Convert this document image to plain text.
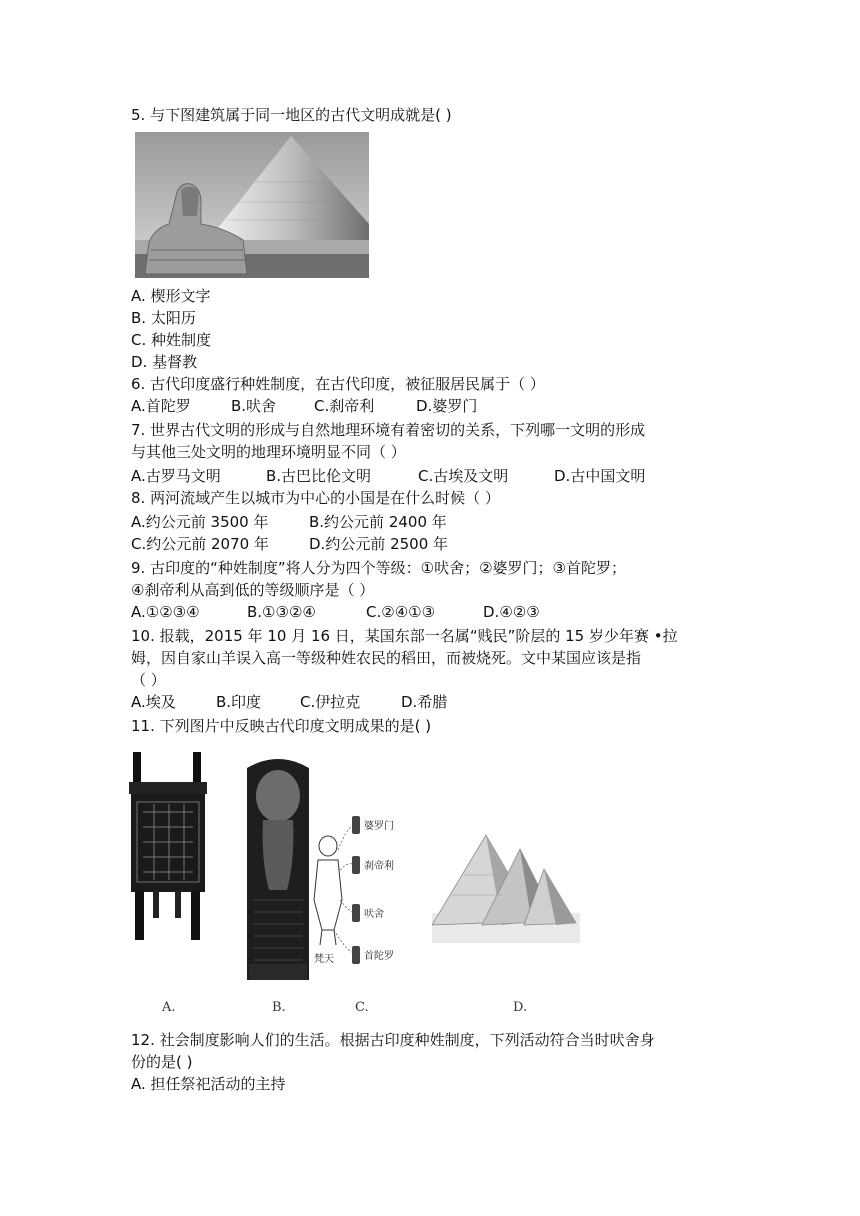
5. 与下图建筑属于同一地区的古代文明成就是( )
A. 楔形文字
B. 太阳历
C. 种姓制度
D. 基督教
6. 古代印度盛行种姓制度，在古代印度，被征服居民属于（ ）
A.首陀罗	B.吠舍	C.刹帝利	D.婆罗门
7. 世界古代文明的形成与自然地理环境有着密切的关系，下列哪一文明的形成
与其他三处文明的地理环境明显不同（ ）
A.古罗马文明	B.古巴比伦文明	C.古埃及文明	D.古中国文明
8. 两河流域产生以城市为中心的小国是在什么时候（ ）
A.约公元前 3500 年	B.约公元前 2400 年
C.约公元前 2070 年	D.约公元前 2500 年
9. 古印度的“种姓制度”将人分为四个等级：①吠舍；②婆罗门；③首陀罗；
④刹帝利从高到低的等级顺序是（ ）
A.①②③④	B.①③②④	C.②④①③	D.④②③
10. 报载，2015 年 10 月 16 日，某国东部一名属“贱民”阶层的 15 岁少年赛 •拉
姆，因自家山羊误入高一等级种姓农民的稻田，而被烧死。文中某国应该是指
（ ）
A.埃及	B.印度	C.伊拉克	D.希腊
11. 下列图片中反映古代印度文明成果的是( )
婆罗门
刹帝利
吠舍
首陀罗
梵天
A.	B.	C.	D.
12. 社会制度影响人们的生活。根据古印度种姓制度，下列活动符合当时吠舍身
份的是( )
A. 担任祭祀活动的主持
